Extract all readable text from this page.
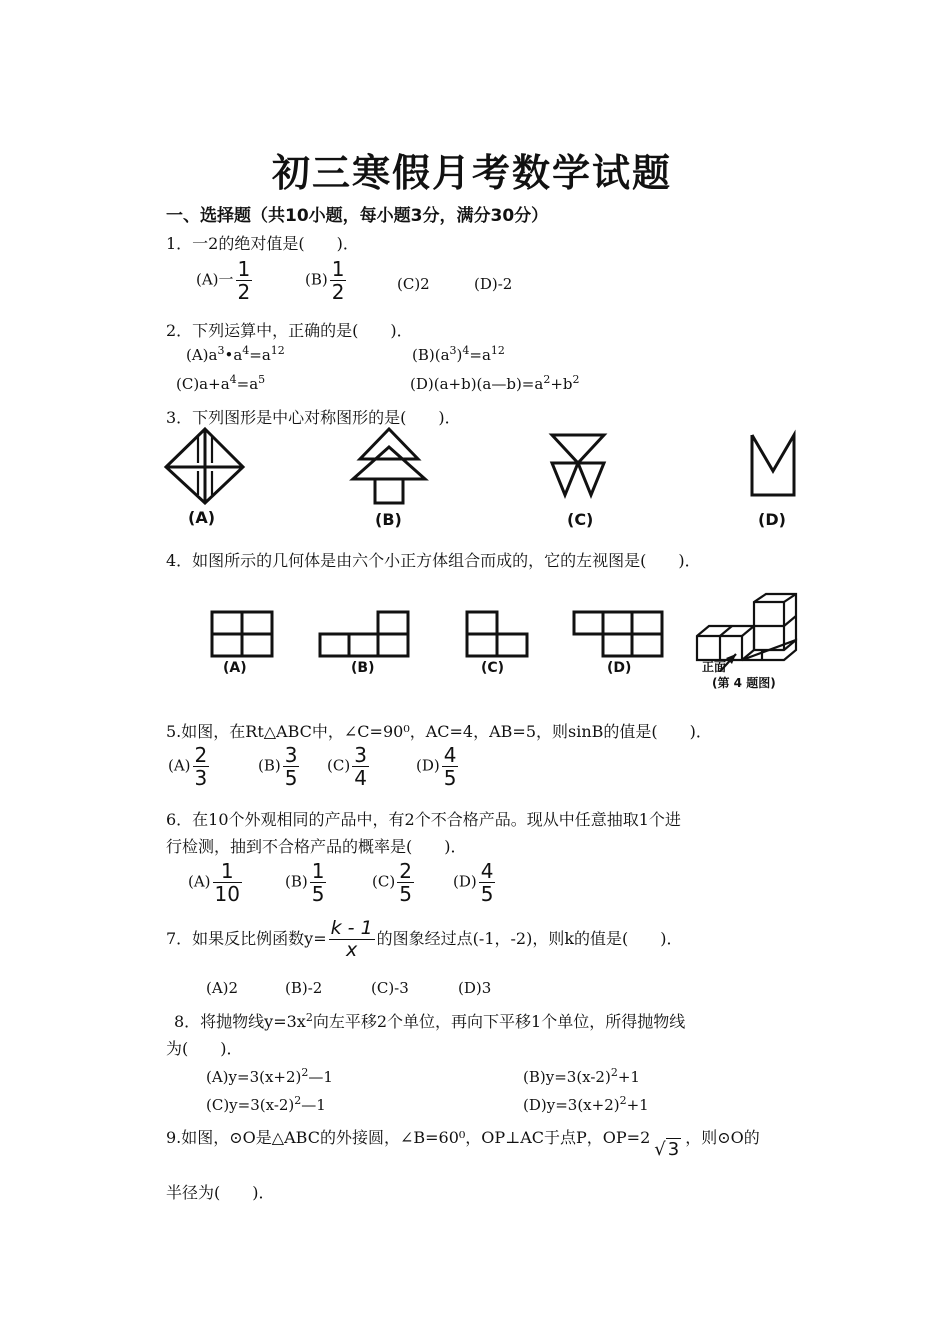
初三寒假月考数学试题
一、选择题（共10小题，每小题3分，满分30分）
1．一2的绝对值是(　　)．
(A)一 $\frac{1}{2}$	$(B) \frac{1}{2}$	(C)2	(D)-2
2．下列运算中，正确的是(　　)．
$(A)a^3•a^4=a^{12}$	$(B)(a^3)^4=a^{12}$
$(C)a+a^4=a^5$	$(D)(a+b)(a—b)=a^2+b^2$
3．下列图形是中心对称图形的是(　　)．
(A)	(B)	(C)	(D)
4．如图所示的几何体是由六个小正方体组合而成的，它的左视图是(　　)．
(A)	(B)	(C)	(D)	正面
(第 4 题图)
5.如图，在Rt△ABC中，∠C=90⁰，AC=4，AB=5，则sinB的值是(　　)．
$(A) \frac{2}{3}$	$(B) \frac{3}{5} (C) \frac{3}{4}$	$(D) \frac{4}{5}$
6．在10个外观相同的产品中，有2个不合格产品。现从中任意抽取1个进
行检测，抽到不合格产品的概率是(　　)．
$(A) \frac{1}{10}$	$(B) \frac{1}{5}$	$(C) \frac{2}{5}$	$(D) \frac{4}{5}$
7．如果反比例函数$y= \frac{k - 1}{x}$ 的图象经过点(-1，-2)，则k的值是(　　)．
(A)2	(B)-2	(C)-3	(D)3
8．将抛物线$y=3x^2$向左平移2个单位，再向下平移1个单位，所得抛物线
为(　　)．
$(A)y=3(x+2)^2—1$	$(B)y=3(x-2)^2+1$
$(C)y=3(x-2)^2—1$	$(D)y=3(x+2)^2+1$
9.如图，⊙O是△ABC的外接圆，∠B=60⁰，OP⊥AC于点P，OP=2√ 3，则⊙O的
半径为(　　)．
